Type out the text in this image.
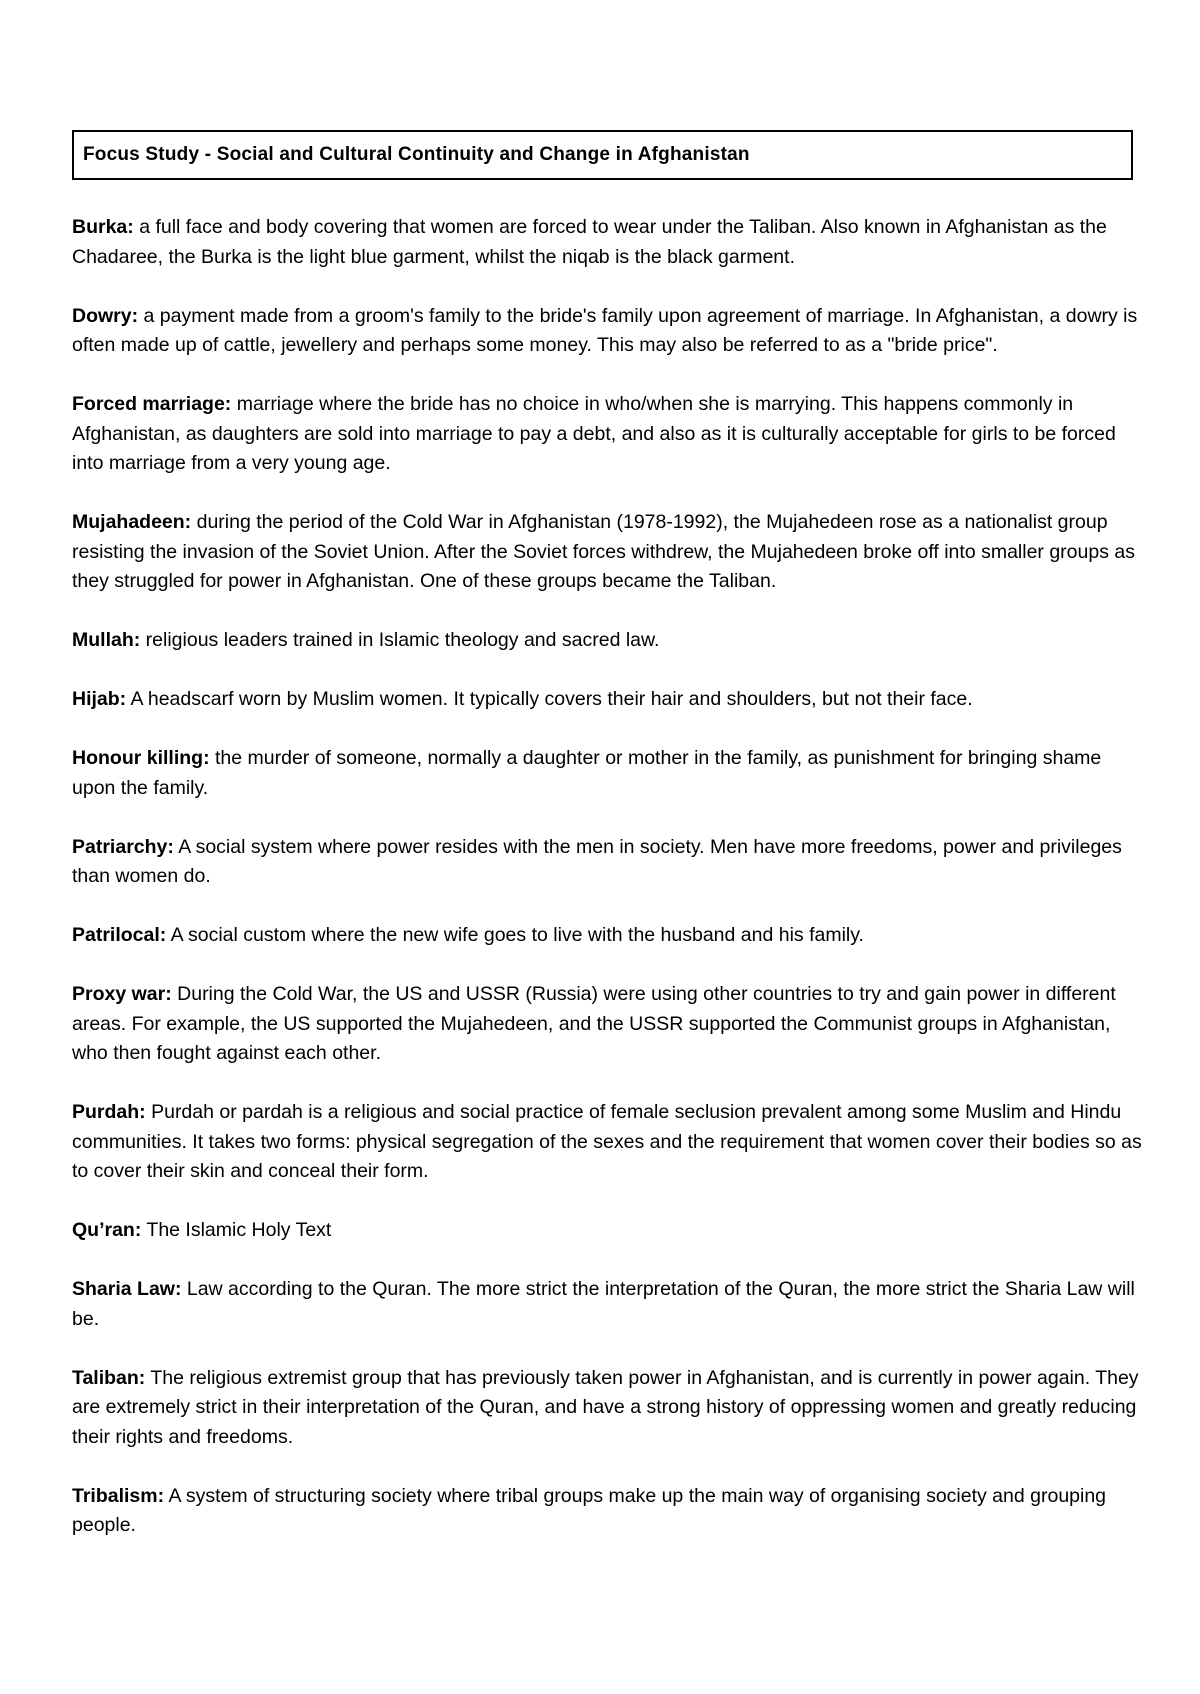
Focus Study - Social and Cultural Continuity and Change in Afghanistan

Burka: a full face and body covering that women are forced to wear under the Taliban. Also known in Afghanistan as the Chadaree, the Burka is the light blue garment, whilst the niqab is the black garment.

Dowry: a payment made from a groom's family to the bride's family upon agreement of marriage. In Afghanistan, a dowry is often made up of cattle, jewellery and perhaps some money. This may also be referred to as a "bride price".

Forced marriage: marriage where the bride has no choice in who/when she is marrying. This happens commonly in Afghanistan, as daughters are sold into marriage to pay a debt, and also as it is culturally acceptable for girls to be forced into marriage from a very young age.

Mujahadeen: during the period of the Cold War in Afghanistan (1978-1992), the Mujahedeen rose as a nationalist group resisting the invasion of the Soviet Union. After the Soviet forces withdrew, the Mujahedeen broke off into smaller groups as they struggled for power in Afghanistan. One of these groups became the Taliban.

Mullah: religious leaders trained in Islamic theology and sacred law.

Hijab: A headscarf worn by Muslim women. It typically covers their hair and shoulders, but not their face.

Honour killing: the murder of someone, normally a daughter or mother in the family, as punishment for bringing shame upon the family.

Patriarchy: A social system where power resides with the men in society. Men have more freedoms, power and privileges than women do.

Patrilocal: A social custom where the new wife goes to live with the husband and his family.

Proxy war: During the Cold War, the US and USSR (Russia) were using other countries to try and gain power in different areas. For example, the US supported the Mujahedeen, and the USSR supported the Communist groups in Afghanistan, who then fought against each other.

Purdah: Purdah or pardah is a religious and social practice of female seclusion prevalent among some Muslim and Hindu communities. It takes two forms: physical segregation of the sexes and the requirement that women cover their bodies so as to cover their skin and conceal their form.

Qu’ran: The Islamic Holy Text

Sharia Law: Law according to the Quran. The more strict the interpretation of the Quran, the more strict the Sharia Law will be.

Taliban: The religious extremist group that has previously taken power in Afghanistan, and is currently in power again. They are extremely strict in their interpretation of the Quran, and have a strong history of oppressing women and greatly reducing their rights and freedoms.

Tribalism: A system of structuring society where tribal groups make up the main way of organising society and grouping people.
